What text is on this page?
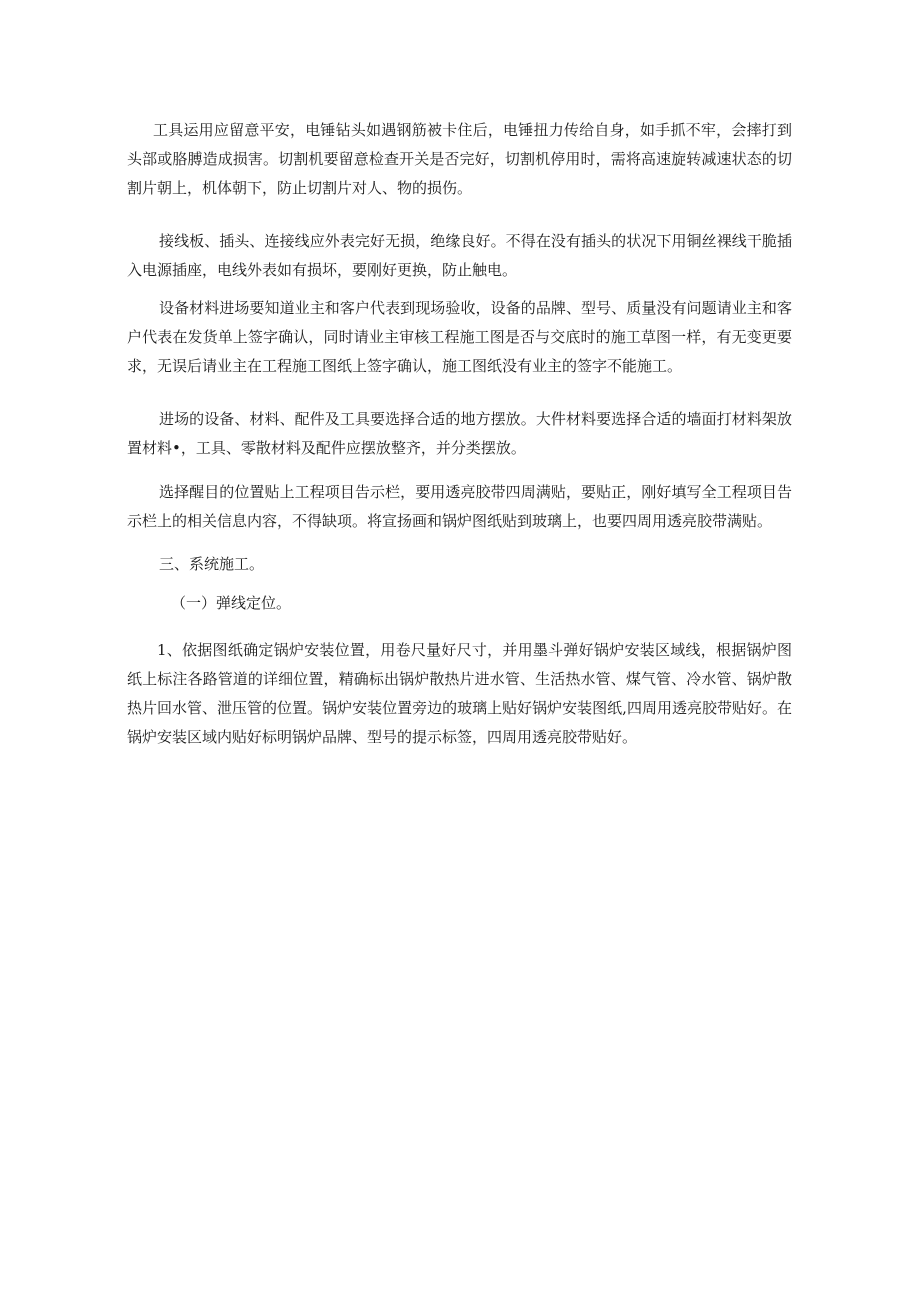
工具运用应留意平安，电锤钻头如遇钢筋被卡住后，电锤扭力传给自身，如手抓不牢，会摔打到头部或胳膊造成损害。切割机要留意检查开关是否完好，切割机停用时，需将高速旋转减速状态的切割片朝上，机体朝下，防止切割片对人、物的损伤。

接线板、插头、连接线应外表完好无损，绝缘良好。不得在没有插头的状况下用铜丝裸线干脆插入电源插座，电线外表如有损坏，要刚好更换，防止触电。

设备材料进场要知道业主和客户代表到现场验收，设备的品牌、型号、质量没有问题请业主和客户代表在发货单上签字确认，同时请业主审核工程施工图是否与交底时的施工草图一样，有无变更要求，无误后请业主在工程施工图纸上签字确认，施工图纸没有业主的签字不能施工。

进场的设备、材料、配件及工具要选择合适的地方摆放。大件材料要选择合适的墙面打材料架放置材料•，工具、零散材料及配件应摆放整齐，并分类摆放。

选择醒目的位置贴上工程项目告示栏，要用透亮胶带四周满贴，要贴正，刚好填写全工程项目告示栏上的相关信息内容，不得缺项。将宣扬画和锅炉图纸贴到玻璃上，也要四周用透亮胶带满贴。

三、系统施工。

（一）弹线定位。

1、依据图纸确定锅炉安装位置，用卷尺量好尺寸，并用墨斗弹好锅炉安装区域线，根据锅炉图纸上标注各路管道的详细位置，精确标出锅炉散热片进水管、生活热水管、煤气管、冷水管、锅炉散热片回水管、泄压管的位置。锅炉安装位置旁边的玻璃上贴好锅炉安装图纸,四周用透亮胶带贴好。在锅炉安装区域内贴好标明锅炉品牌、型号的提示标签，四周用透亮胶带贴好。
